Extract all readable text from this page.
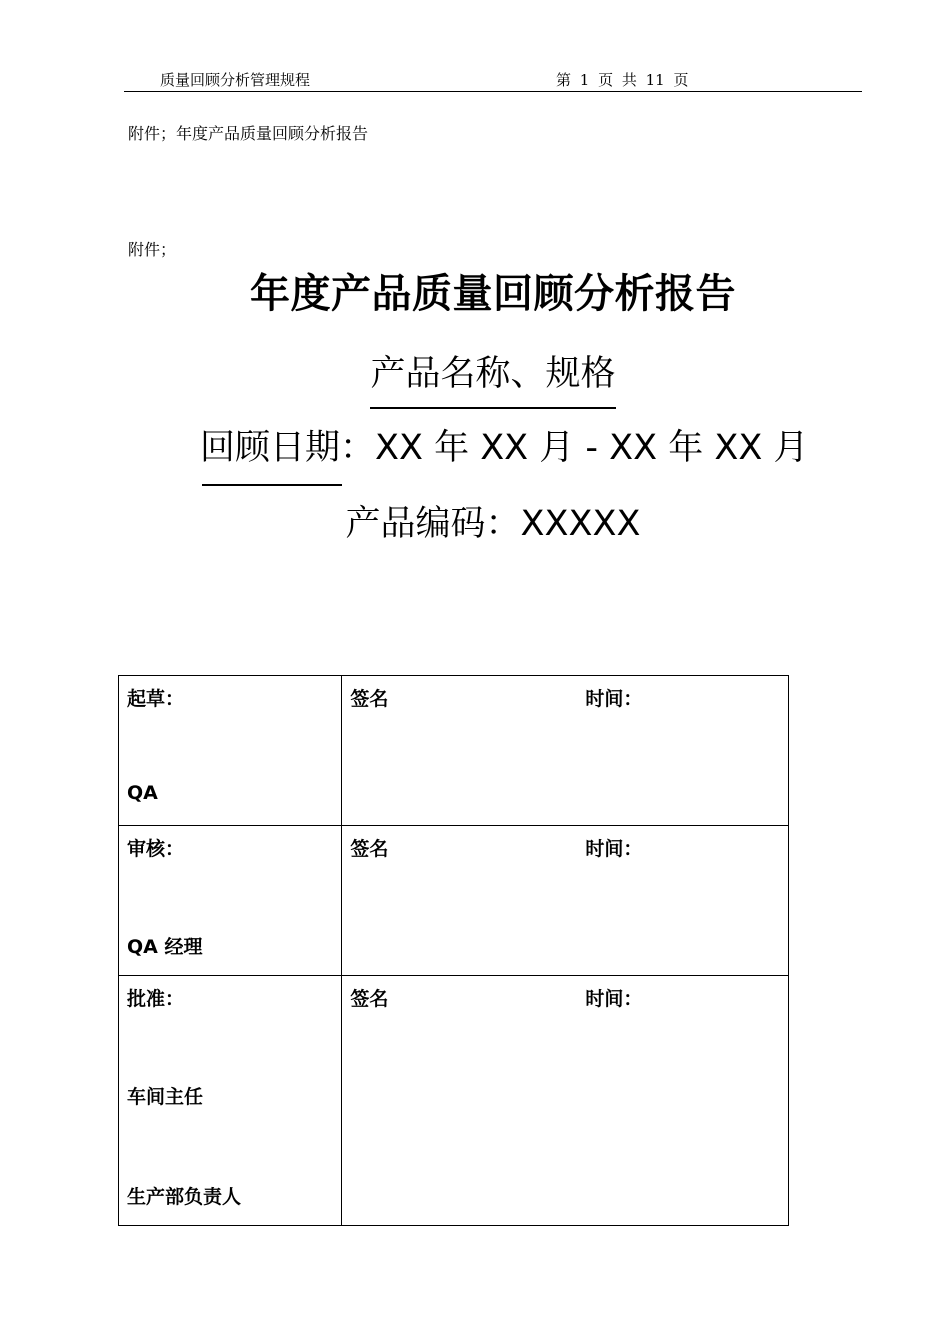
质量回顾分析管理规程	第 1 页 共 11 页
附件；年度产品质量回顾分析报告
附件；
年度产品质量回顾分析报告
产品名称、规格
回顾日期：XX 年 XX 月 - XX 年 XX 月
产品编码：XXXXX
起草：
QA	签名 时间：

审核：
QA 经理	签名 时间：

批准：
车间主任
生产部负责人	签名 时间：
